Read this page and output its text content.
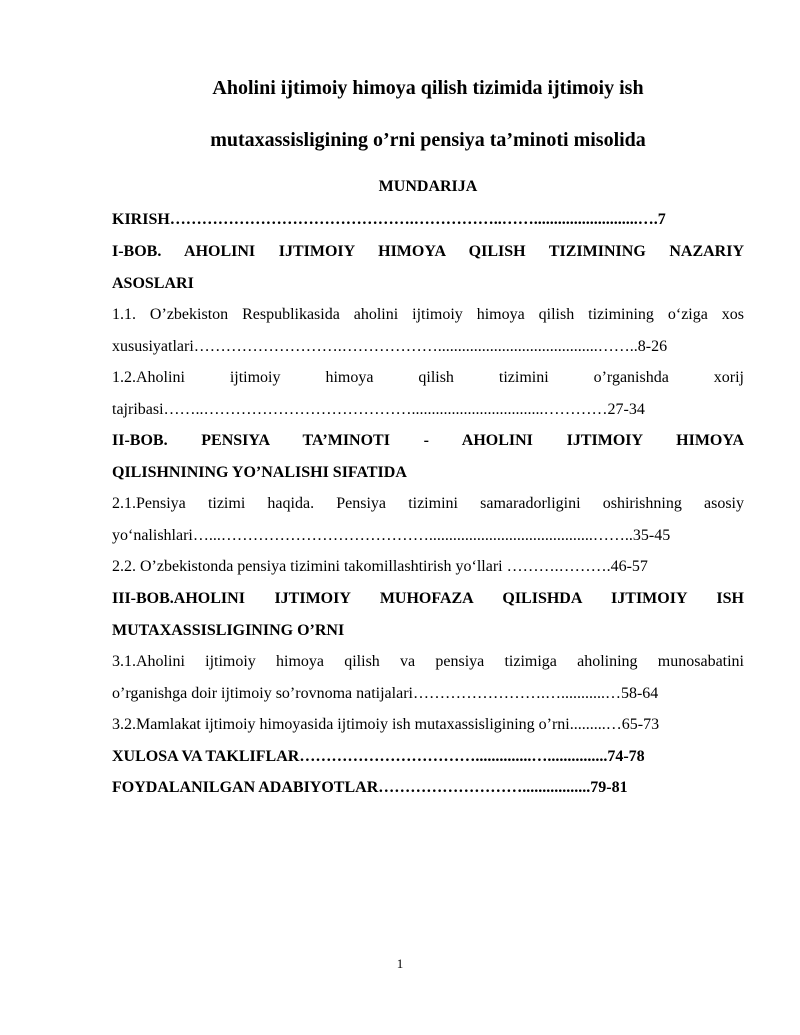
Aholini ijtimoiy himoya qilish tizimida ijtimoiy ish
mutaxassisligining o’rni pensiya ta’minoti misolida
MUNDARIJA
KIRISH……………………………………….……………..……..........................….7
I-BOB. AHOLINI IJTIMOIY HIMOYA QILISH TIZIMINING NAZARIY
ASOSLARI
1.1. O’zbekiston Respublikasida aholini ijtimoiy himoya qilish tizimining o‘ziga xos
xususiyatlari……………………….………………........................................……..8-26
1.2.Aholini ijtimoiy himoya qilish tizimini o’rganishda xorij
tajribasi……..………………………………….................................…………27-34
II-BOB. PENSIYA TA’MINOTI - AHOLINI IJTIMOIY HIMOYA
QILISHNINING YO’NALISHI SIFATIDA
2.1.Pensiya tizimi haqida. Pensiya tizimini samaradorligini oshirishning asosiy
yo‘nalishlari…...………………………………….........................................……..35-45
2.2. O’zbekistonda pensiya tizimini takomillashtirish yo‘llari ……….……….46-57
III-BOB.AHOLINI IJTIMOIY MUHOFAZA QILISHDA IJTIMOIY ISH
MUTAXASSISLIGINING O’RNI
3.1.Aholini ijtimoiy himoya qilish va pensiya tizimiga aholining munosabatini
o’rganishga doir ijtimoiy so’rovnoma natijalari…………………….…...........…58-64
3.2.Mamlakat ijtimoiy himoyasida ijtimoiy ish mutaxassisligining o’rni.........…65-73
XULOSA VA TAKLIFLAR……………………………..............…...............74-78
FOYDALANILGAN ADABIYOTLAR……………………….................79-81
1
